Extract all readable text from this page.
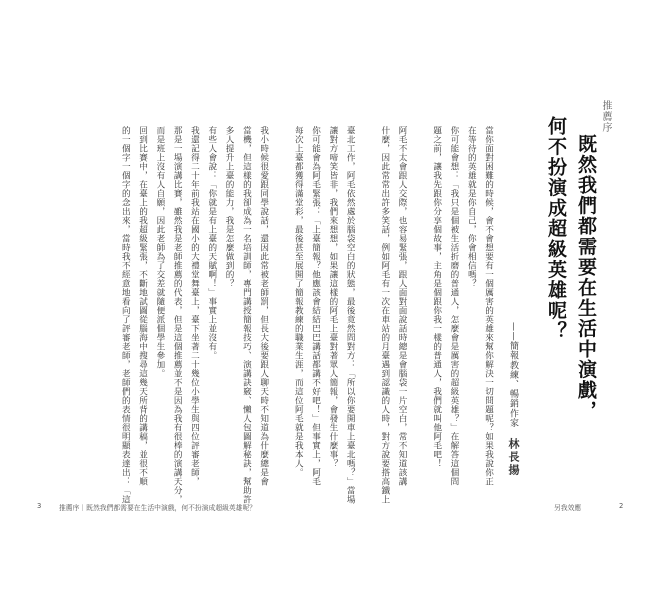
推薦序
既然我們都需要在生活中演戲，
何不扮演成超級英雄呢？
——簡報教練、暢銷作家林長揚
當你面對困難的時候，會不會想要有一個厲害的英雄來幫你解決一切問題呢？如果我說你正
在等待的英雄就是你自己，你會相信嗎？
你可能會想：「我只是個被生活折磨的普通人，怎麼會是厲害的超級英雄？」在解答這個問
題之前，讓我先跟你分享個故事，主角是個跟你我一樣的普通人，我們就叫他阿毛吧！
阿毛不太會跟人交際，也容易緊張，跟人面對面說話時總是會腦袋一片空白，常不知道該講
什麼，因此常常出許多笑話，例如阿毛有一次在車站的月臺遇到認識的人時，對方說要搭高鐵上
臺北工作，阿毛依然處於腦袋空白的狀態，最後竟然問對方：「所以你要開車上臺北嗎？」當場
讓對方啼笑皆非，我們來想想，如果讓這樣的阿毛上臺對著眾人簡報，會發生什麼事？
你可能會為阿毛緊張：「上臺簡報？他應該會結結巴巴講話都講不好吧！」但事實上，阿毛
每次上臺都獲得滿堂彩，最後甚至展開了簡報教練的職業生涯，而這位阿毛就是我本人。
我小時候很愛跟同學說話，還因此常被老師罰，但長大後要跟人聊天時不知道為什麼總是會
當機，但這樣的我卻成為一名培訓師，專門講授簡報技巧、演講訣竅、懶人包圖解秘訣，幫助許
多人提升上臺的能力，我是怎麼做到的？
有些人會說：「你就是有上臺的天賦啊！」事實上並沒有。
我還記得二十年前我站在國小的大禮堂舞臺上，臺下坐著二十幾位小學生與四位評審老師，
那是一場演講比賽，雖然我是老師推薦的代表，但是這個推薦並不是因為我有很棒的演講天分，
而是班上沒有人自願，因此老師為了交差就隨便派個學生參加。
回到比賽中，在臺上的我超級緊張，不斷地試圖從腦海中搜尋這幾天所背的講稿，並很不順
的一個字一個字的念出來，當時我不經意地看向了評審老師，老師們的表情很明顯表達出：「這
3	推薦序｜既然我們都需要在生活中演戲，何不扮演成超級英雄呢？	另我效應	2
